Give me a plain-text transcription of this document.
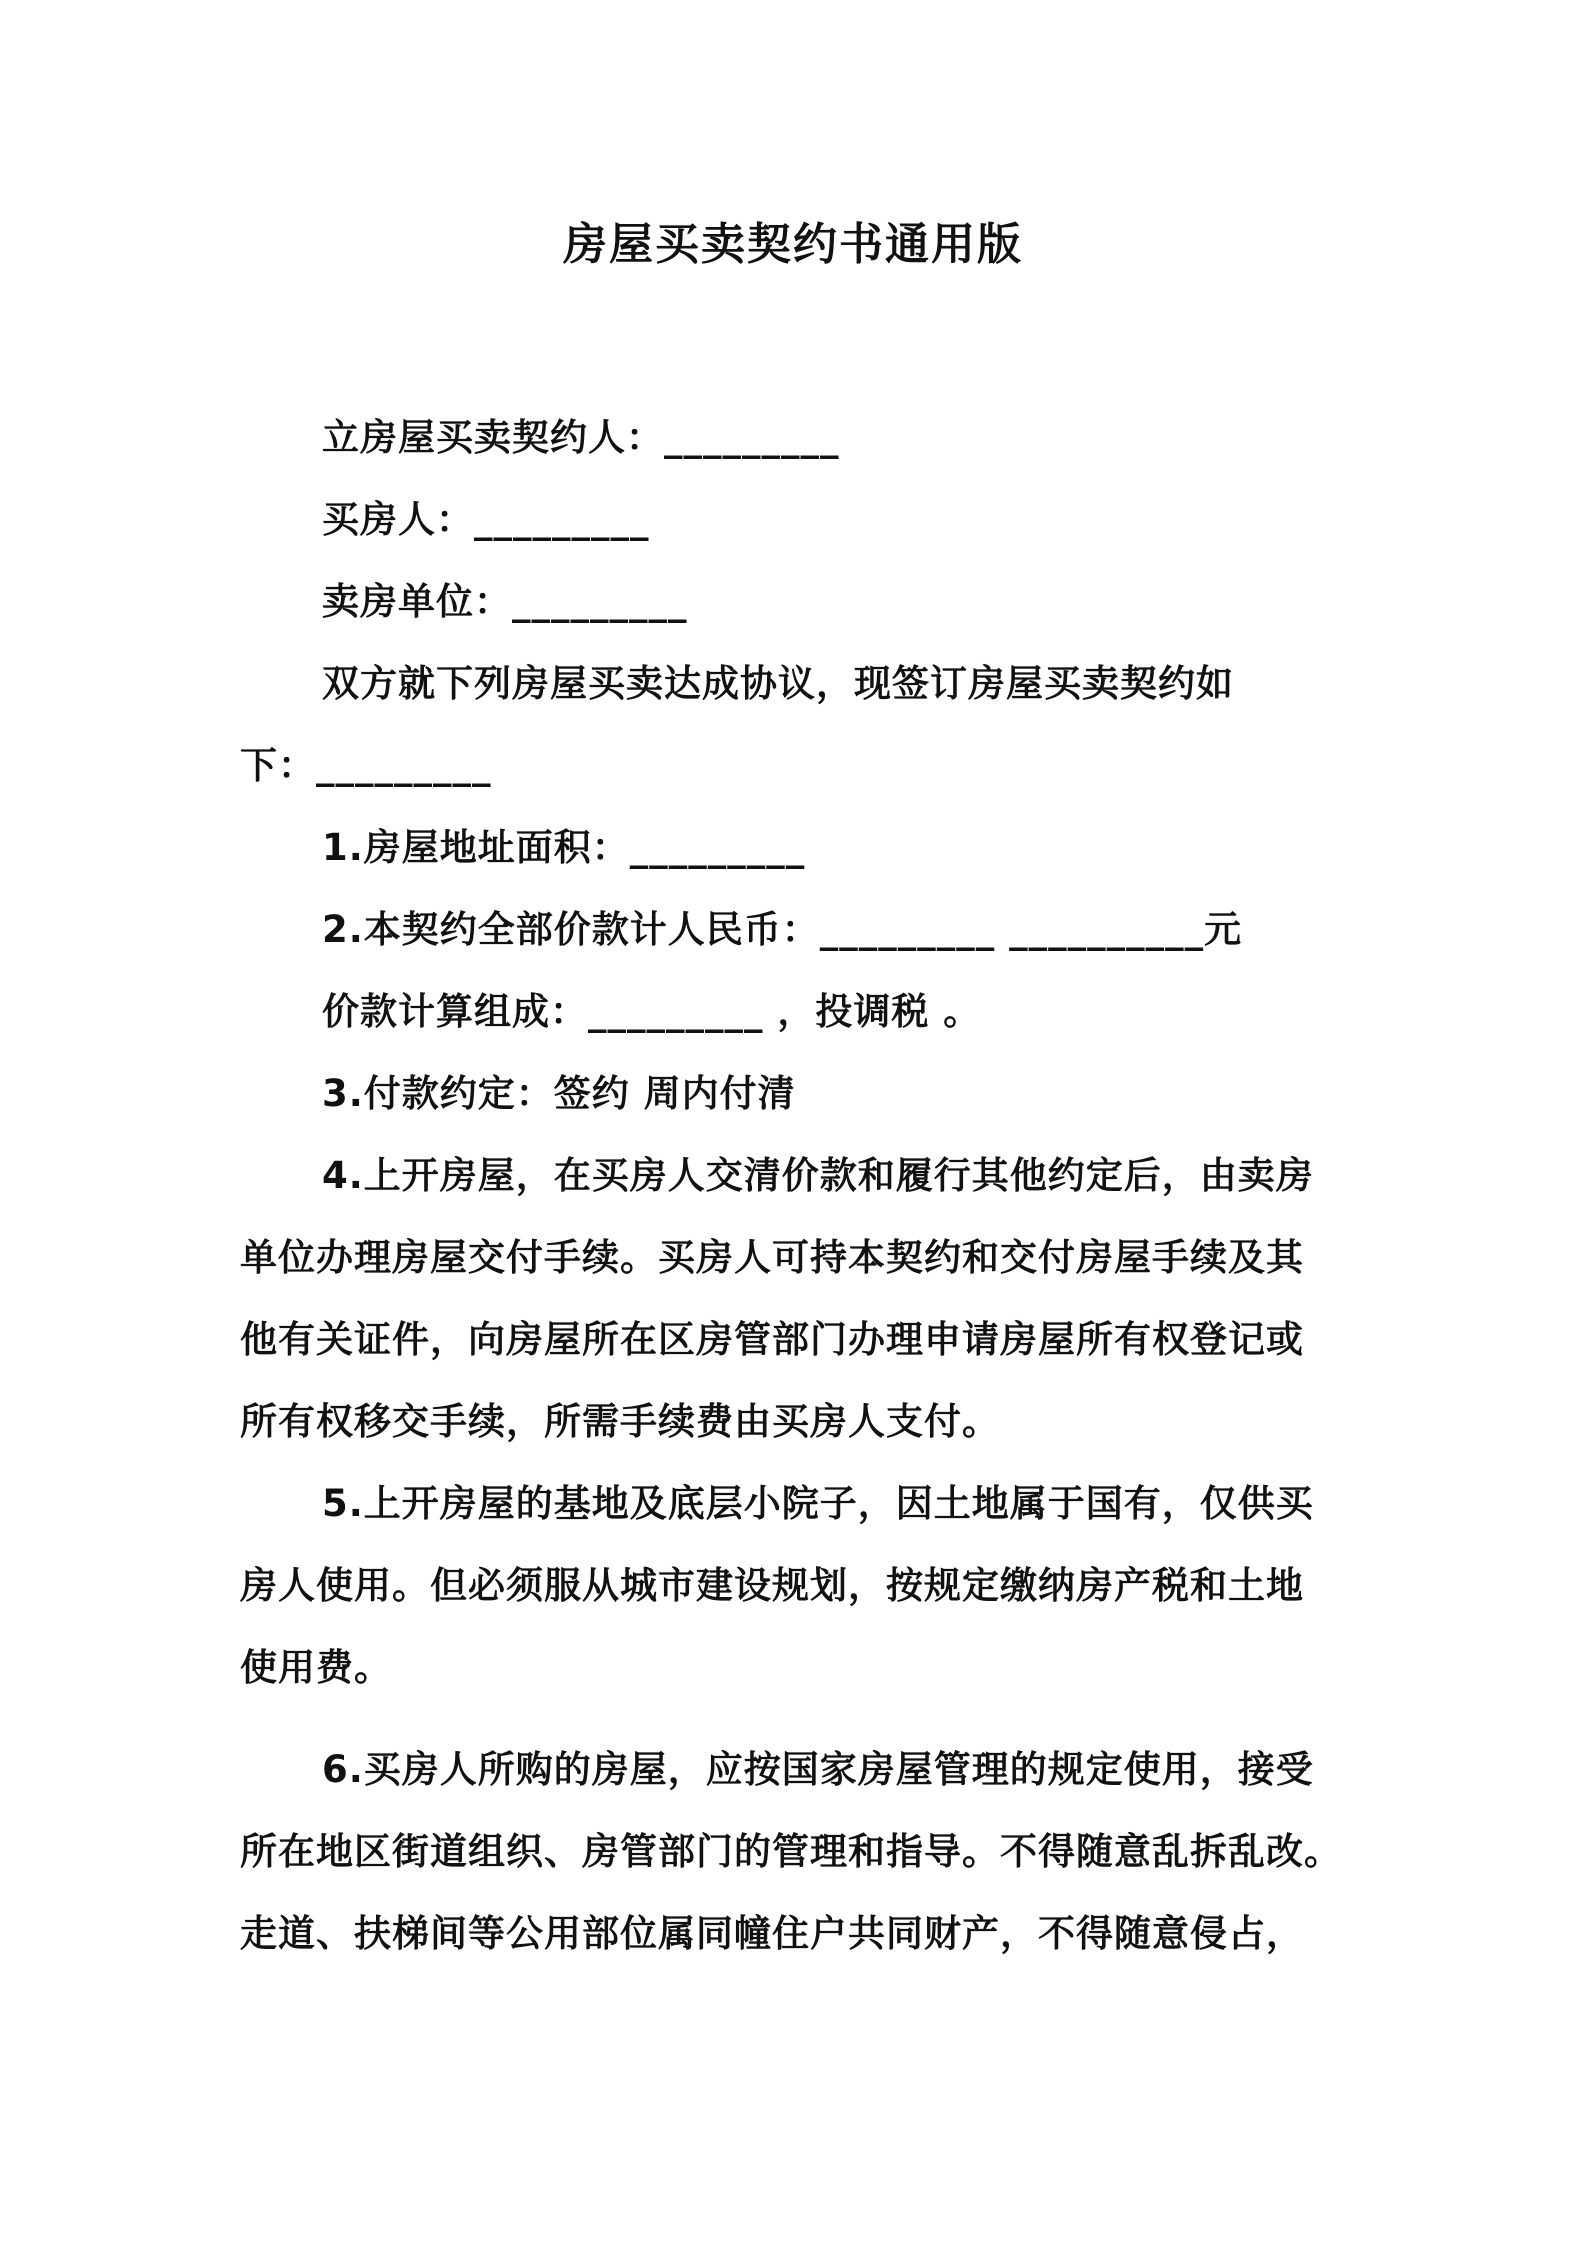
房屋买卖契约书通用版
立房屋买卖契约人：_________
买房人：_________
卖房单位：_________
双方就下列房屋买卖达成协议，现签订房屋买卖契约如
下：_________
1.房屋地址面积：_________
2.本契约全部价款计人民币：_________ __________元
价款计算组成：_________ ，投调税 。
3.付款约定：签约 周内付清
4.上开房屋，在买房人交清价款和履行其他约定后，由卖房
单位办理房屋交付手续。买房人可持本契约和交付房屋手续及其
他有关证件，向房屋所在区房管部门办理申请房屋所有权登记或
所有权移交手续，所需手续费由买房人支付。
5.上开房屋的基地及底层小院子，因土地属于国有，仅供买
房人使用。但必须服从城市建设规划，按规定缴纳房产税和土地
使用费。
6.买房人所购的房屋，应按国家房屋管理的规定使用，接受
所在地区街道组织、房管部门的管理和指导。不得随意乱拆乱改。
走道、扶梯间等公用部位属同幢住户共同财产，不得随意侵占，
